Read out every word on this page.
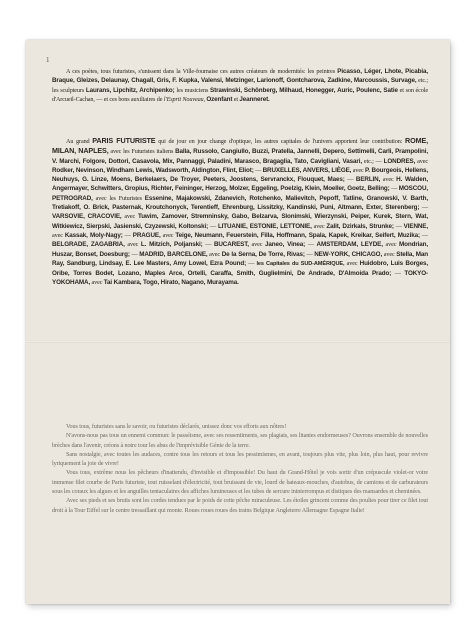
1
A ces poètes, tous futuristes, s'unissent dans la Ville-fournaise ces autres créateurs de modernités: les peintres Picasso, Léger, Lhote, Picabia, Braque, Gleizes, Delaunay, Chagall, Gris, F. Kupka, Valensi, Metzinger, Larionoff, Gontcharova, Zadkine, Marcoussis, Survage, etc.; les sculpteurs Laurans, Lipchitz, Archipenko; les musiciens Strawinski, Schönberg, Milhaud, Honegger, Auric, Poulenc, Satie et son école d'Arcueil-Cachan, — et ces bons auxiliaires de l'Esprit Nouveau, Ozenfant et Jeanneret.
Au grand PARIS FUTURISTE qui de jour en jour change d'optique, les autres capitales de l'univers apportent leur contribution: ROME, MILAN, NAPLES, avec les Futuristes italiens Balla, Russolo, Cangiullo, Buzzi, Pratella, Jannelli, Depero, Settimelli, Carli, Prampolini, V. Marchi, Folgore, Dottori, Casavola, Mix, Pannaggi, Paladini, Marasco, Bragaglia, Tato, Cavigliani, Vasari, etc.; — LONDRES, avec Rodker, Nevinson, Windham Lewis, Wadsworth, Aldington, Flint, Eliot; — BRUXELLES, ANVERS, LIÈGE, avec P. Bourgeois, Hellens, Neuhuys, G. Linze, Moens, Berkelaers, De Troyer, Peeters, Joostens, Servranckx, Flouquet, Maes; — BERLIN, avec H. Walden, Angermayer, Schwitters, Gropius, Richter, Feininger, Herzog, Molzer, Eggeling, Poelzig, Klein, Moeller, Goetz, Belling; — MOSCOU, PETROGRAD, avec les Futuristes Essenine, Majakowski, Zdanevich, Rotchenko, Malievitch, Pepoff, Tatline, Granowski, V. Barth, Tretiakoff, O. Brick, Pasternak, Kroutchonyck, Terentieff, Ehrenburg, Lissitzky, Kandinski, Puni, Altmann, Exter, Sterenberg; — VARSOVIE, CRACOVIE, avec Tuwim, Zamover, Stremninsky, Gabo, Belzarva, Slonimski, Wierzynski, Peiper, Kurek, Stern, Wat, Witkiewicz, Sierpski, Jasienski, Czyzewski, Koltonski; — LITUANIE, ESTONIE, LETTONIE, avec Zalit, Dzirkals, Strunke; — VIENNE, avec Kassak, Moly-Nagy; — PRAGUE, avec Teige, Neumann, Feuerstein, Filla, Hoffmann, Spala, Kapek, Kreikar, Seifert, Muzika; — BELGRADE, ZAGABRIA, avec L. Mitzich, Poljanski; — BUCAREST, avec Janeo, Vinea; — AMSTERDAM, LEYDE, avec Mondrian, Huszar, Bonset, Doesburg; — MADRID, BARCELONE, avec De la Serna, De Torre, Rivas; — NEW-YORK, CHICAGO, avec Stella, Man Ray, Sandburg, Lindsay, E. Lee Masters, Amy Lowel, Ezra Pound; — les Capitales du SUD-AMÉRIQUE, avec Huidobro, Luis Borges, Oribe, Torres Bodet, Lozano, Maples Arce, Ortelli, Caraffa, Smith, Guglielmini, De Andrade, D'Almoida Prado; — TOKYO-YOKOHAMA, avec Tai Kambara, Togo, Hirato, Nagano, Murayama.
Vous tous, futuristes sans le savoir, ou futuristes déclarés, unissez donc vos efforts aux nôtres!
N'avons-nous pas tous un ennemi commun: le passéisme, avec ses ressentiments, ses plagiats, ses litanies endormeuses? Ouvrons ensemble de nouvelles brèches dans l'avenir, créons à notre tour les abus de l'imprévisible Génie de la terre.
Sans nostalgie, avec toutes les audaces, contre tous les retours et tous les pessimismes, en avant, toujours plus vite, plus loin, plus haut, pour revivre lyriquement la joie de vivre!
Vous tous, extrême nous les pêcheurs d'inattendu, d'invisible et d'impossible! Du haut du Grand-Hôtel je vois sortir d'un crépuscule violet-or votre immense filet courbe de Paris futuriste, tout ruisselant d'électricité, tout bruissant de vie, lourd de bateaux-mouches, d'autobus, de camions et de carburateurs sous les coraux les algues et les anguilles tentaculaires des affiches lumineuses et les tubes de sercure ininterrompus et distiques des mansardes et cheminées.
Avec ses pieds et ses bruits sont les cordes tendues par le poids de cette pêche miraculeuse. Les étoiles grincent comme des poulies pour tirer ce filet tout droit à la Tour Eiffel sur le centre tressaillant qui monte. Roues roues roues des trains Belgique Angleterre Allemagne Espagne Italie!
